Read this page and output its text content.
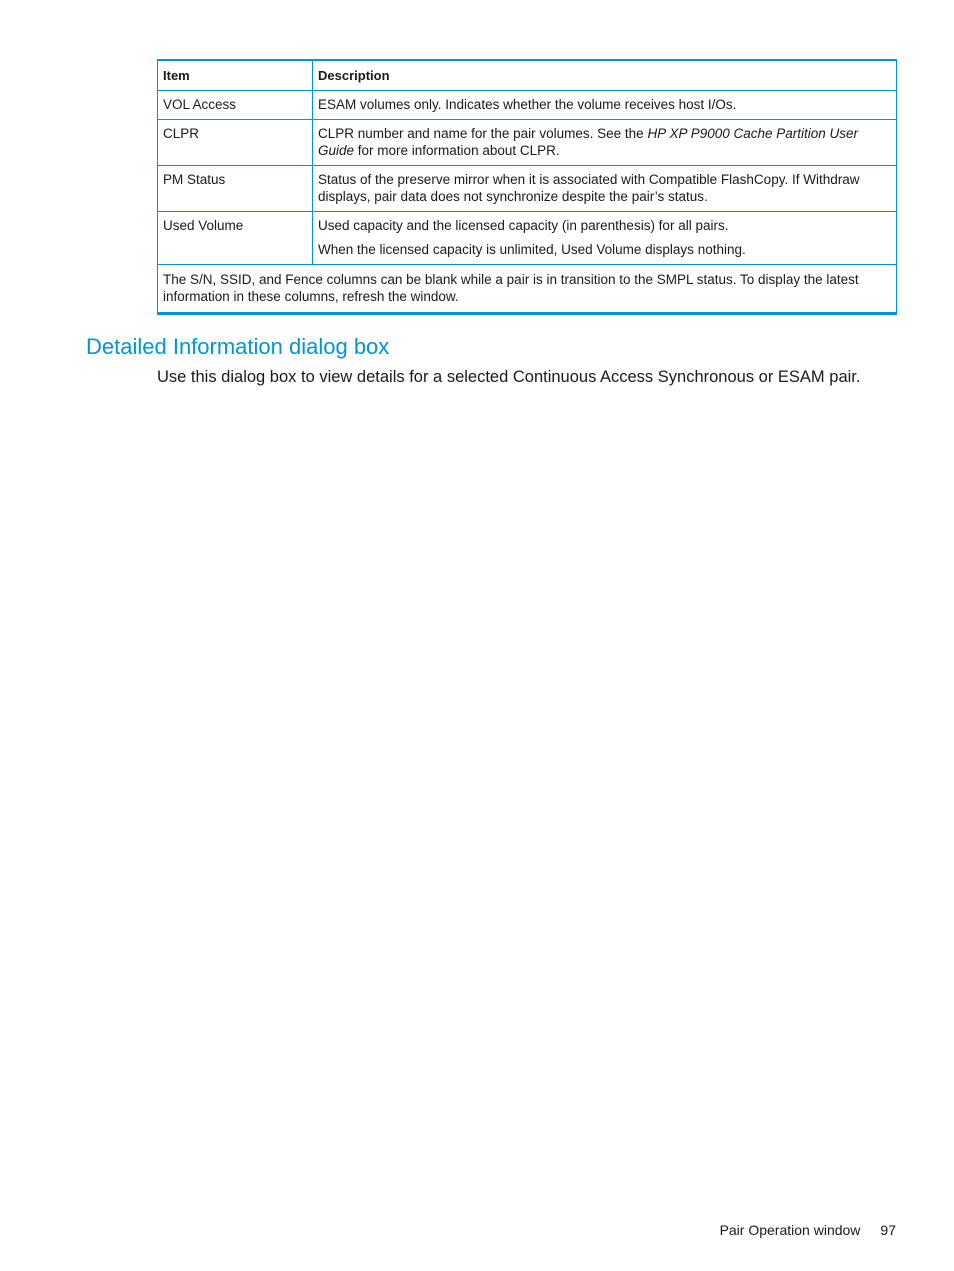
Item	Description
VOL Access	ESAM volumes only. Indicates whether the volume receives host I/Os.

CLPR	CLPR number and name for the pair volumes. See the HP XP P9000 Cache Partition User Guide for more information about CLPR.

PM Status	Status of the preserve mirror when it is associated with Compatible FlashCopy. If Withdraw displays, pair data does not synchronize despite the pair’s status.

Used Volume	Used capacity and the licensed capacity (in parenthesis) for all pairs.

When the licensed capacity is unlimited, Used Volume displays nothing.

The S/N, SSID, and Fence columns can be blank while a pair is in transition to the SMPL status. To display the latest information in these columns, refresh the window.	
Detailed Information dialog box

Use this dialog box to view details for a selected Continuous Access Synchronous or ESAM pair.

Pair Operation window 97
